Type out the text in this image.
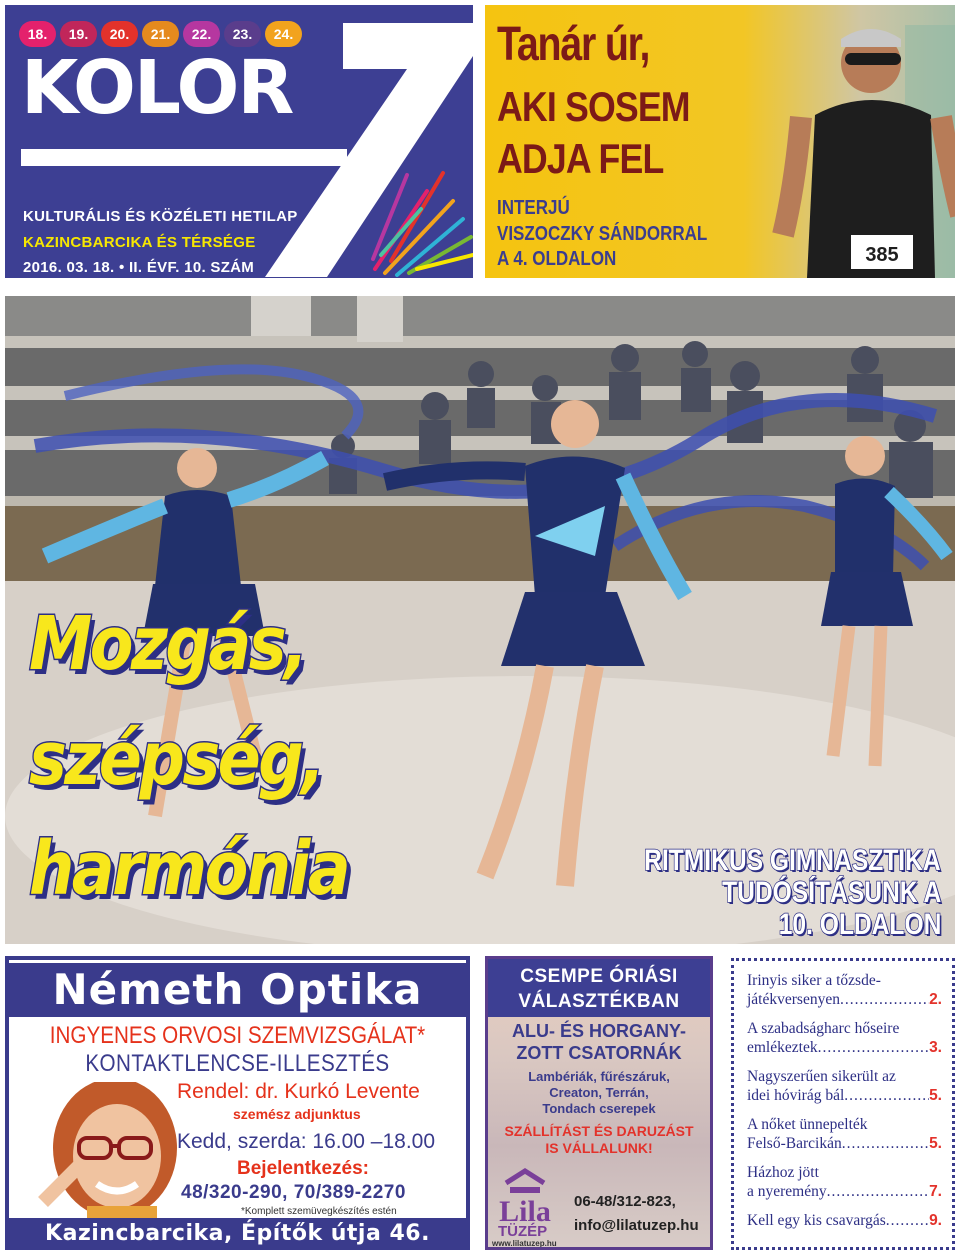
18.	19.	20.	21.	22.	23.	24.
KOLOR
KULTURÁLIS ÉS KÖZÉLETI HETILAP
KAZINCBARCIKA ÉS TÉRSÉGE
2016. 03. 18. • II. ÉVF. 10. SZÁM
385
Tanár úr,
AKI SOSEM
ADJA FEL
INTERJÚ
VISZOCZKY SÁNDORRAL
A 4. OLDALON
Mozgás,
szépség,
harmónia	RITMIKUS GIMNASZTIKA
TUDÓSÍTÁSUNK A
10. OLDALON
Németh Optika
INGYENES ORVOSI SZEMVIZSGÁLAT*
KONTAKTLENCSE-ILLESZTÉS
Rendel: dr. Kurkó Levente
szemész adjunktus
Kedd, szerda: 16.00 –18.00
Bejelentkezés:
48/320-290, 70/389-2270
*Komplett szemüvegkészítés estén
Kazincbarcika, Építők útja 46.
CSEMPE ÓRIÁSI
VÁLASZTÉKBAN
ALU- ÉS HORGANY-
ZOTT CSATORNÁK
Lambériák, fűrészáruk,
Creaton, Terrán,
Tondach cserepek
SZÁLLÍTÁST ÉS DARUZÁST
IS VÁLLALUNK!
Lila
TÜZÉP
www.lilatuzep.hu
06-48/312-823,
info@lilatuzep.hu
Irinyis siker a tőzsde-
játékversenyen .....	2.
A szabadságharc hőseire
emlékeztek .....	3.
Nagyszerűen sikerült az
idei hóvirág bál .....	5.
A nőket ünnepelték
Felső-Barcikán .....	5.
Házhoz jött
a nyeremény .....	7.
Kell egy kis csavargás .....	9.
